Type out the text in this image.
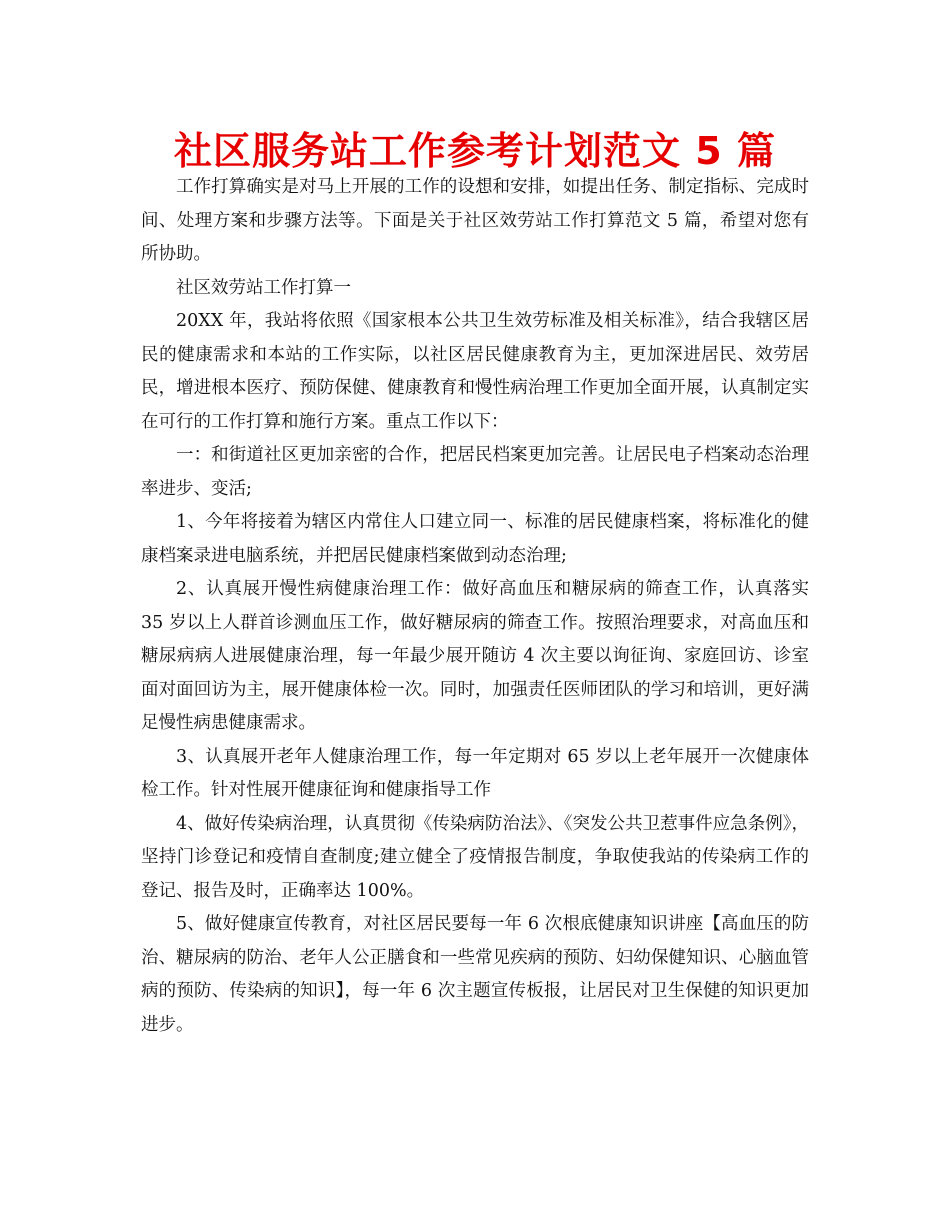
社区服务站工作参考计划范文 5 篇

工作打算确实是对马上开展的工作的设想和安排，如提出任务、制定指标、完成时间、处理方案和步骤方法等。下面是关于社区效劳站工作打算范文 5 篇，希望对您有所协助。

社区效劳站工作打算一

20XX 年，我站将依照《国家根本公共卫生效劳标准及相关标准》，结合我辖区居民的健康需求和本站的工作实际，以社区居民健康教育为主，更加深进居民、效劳居民，增进根本医疗、预防保健、健康教育和慢性病治理工作更加全面开展，认真制定实在可行的工作打算和施行方案。重点工作以下：

一：和街道社区更加亲密的合作，把居民档案更加完善。让居民电子档案动态治理率进步、变活;

1、今年将接着为辖区内常住人口建立同一、标准的居民健康档案，将标准化的健康档案录进电脑系统，并把居民健康档案做到动态治理;

2、认真展开慢性病健康治理工作：做好高血压和糖尿病的筛查工作，认真落实 35 岁以上人群首诊测血压工作，做好糖尿病的筛查工作。按照治理要求，对高血压和糖尿病病人进展健康治理，每一年最少展开随访 4 次主要以询征询、家庭回访、诊室面对面回访为主，展开健康体检一次。同时，加强责任医师团队的学习和培训，更好满足慢性病患健康需求。

3、认真展开老年人健康治理工作，每一年定期对 65 岁以上老年展开一次健康体检工作。针对性展开健康征询和健康指导工作

4、做好传染病治理，认真贯彻《传染病防治法》、《突发公共卫惹事件应急条例》，坚持门诊登记和疫情自查制度;建立健全了疫情报告制度，争取使我站的传染病工作的登记、报告及时，正确率达 100%。

5、做好健康宣传教育，对社区居民要每一年 6 次根底健康知识讲座【高血压的防治、糖尿病的防治、老年人公正膳食和一些常见疾病的预防、妇幼保健知识、心脑血管病的预防、传染病的知识】，每一年 6 次主题宣传板报，让居民对卫生保健的知识更加进步。
